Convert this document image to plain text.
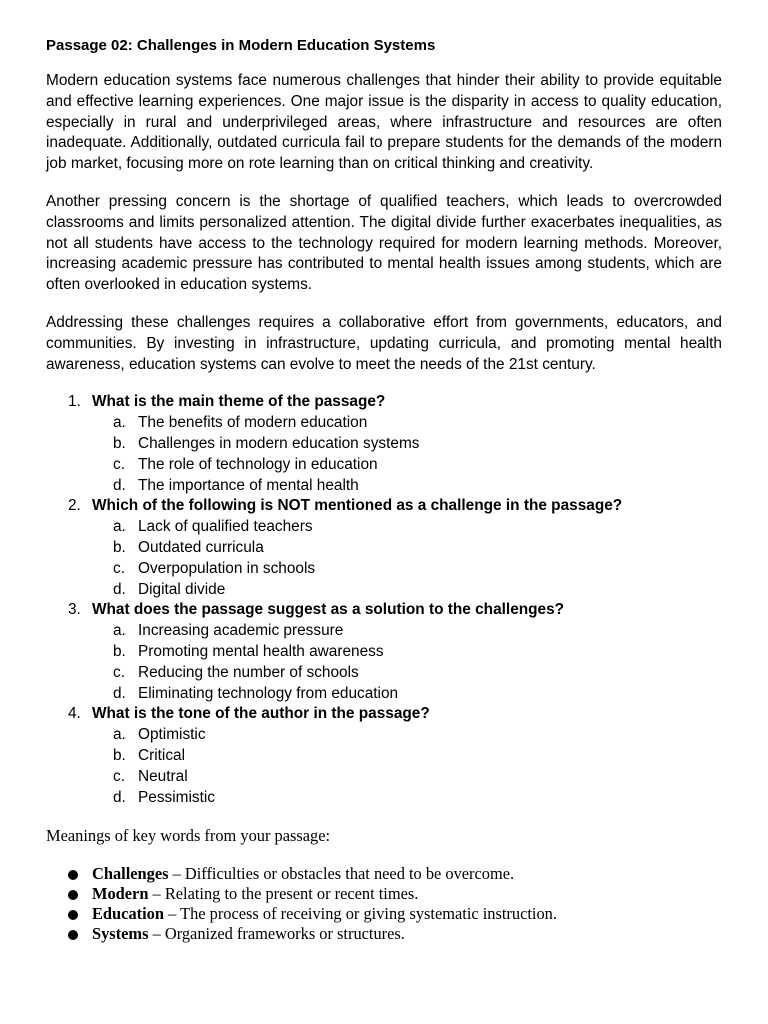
Passage 02: Challenges in Modern Education Systems

Modern education systems face numerous challenges that hinder their ability to provide equitable and effective learning experiences. One major issue is the disparity in access to quality education, especially in rural and underprivileged areas, where infrastructure and resources are often inadequate. Additionally, outdated curricula fail to prepare students for the demands of the modern job market, focusing more on rote learning than on critical thinking and creativity.

Another pressing concern is the shortage of qualified teachers, which leads to overcrowded classrooms and limits personalized attention. The digital divide further exacerbates inequalities, as not all students have access to the technology required for modern learning methods. Moreover, increasing academic pressure has contributed to mental health issues among students, which are often overlooked in education systems.

Addressing these challenges requires a collaborative effort from governments, educators, and communities. By investing in infrastructure, updating curricula, and promoting mental health awareness, education systems can evolve to meet the needs of the 21st century.

1. What is the main theme of the passage?
a. The benefits of modern education
b. Challenges in modern education systems
c. The role of technology in education
d. The importance of mental health
2. Which of the following is NOT mentioned as a challenge in the passage?
a. Lack of qualified teachers
b. Outdated curricula
c. Overpopulation in schools
d. Digital divide
3. What does the passage suggest as a solution to the challenges?
a. Increasing academic pressure
b. Promoting mental health awareness
c. Reducing the number of schools
d. Eliminating technology from education
4. What is the tone of the author in the passage?
a. Optimistic
b. Critical
c. Neutral
d. Pessimistic

Meanings of key words from your passage:

Challenges – Difficulties or obstacles that need to be overcome.
Modern – Relating to the present or recent times.
Education – The process of receiving or giving systematic instruction.
Systems – Organized frameworks or structures.
